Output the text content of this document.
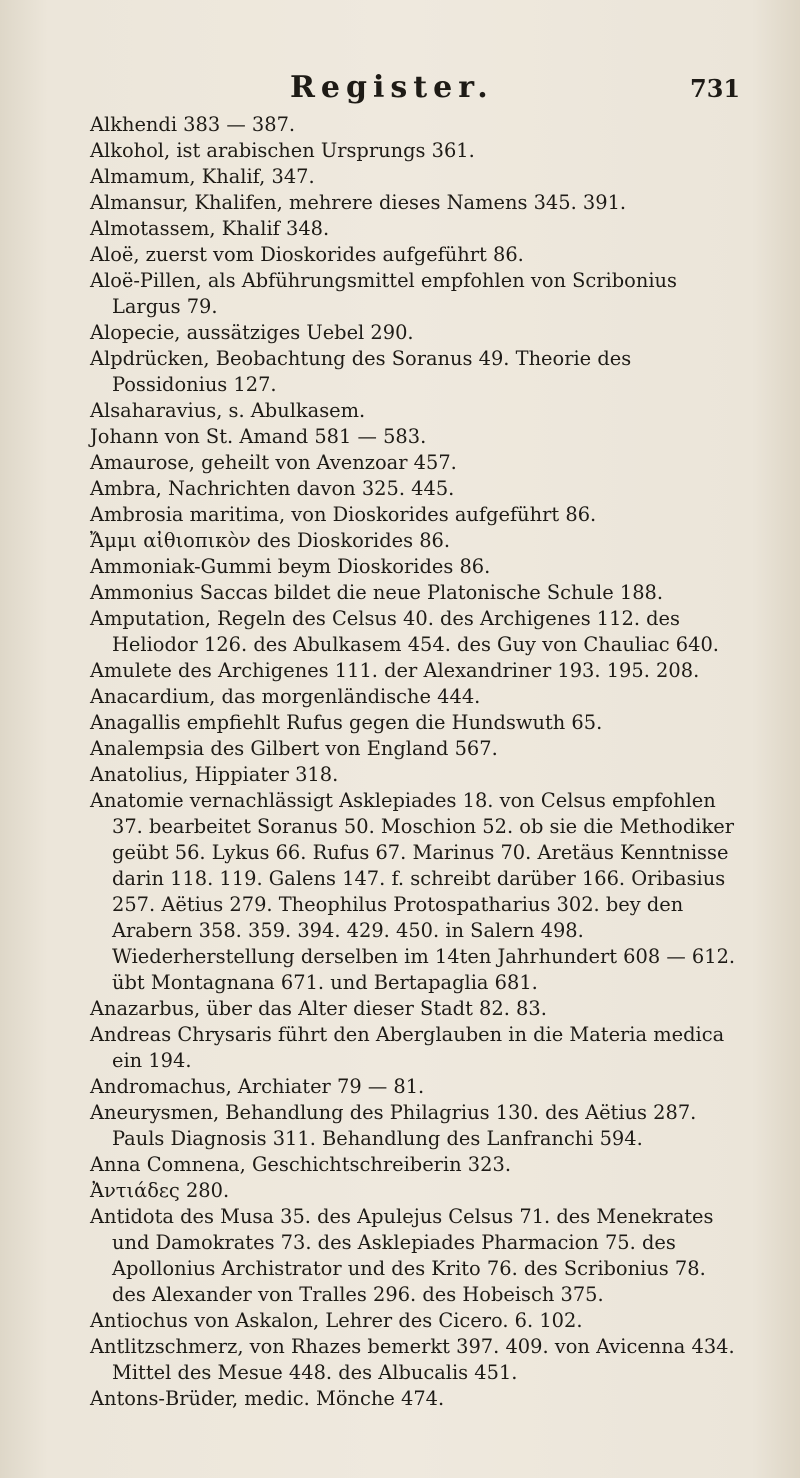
Register.	731
Alkhendi 383 — 387.
Alkohol, ist arabischen Ursprungs 361.
Almamum, Khalif, 347.
Almansur, Khalifen, mehrere dieses Namens 345. 391.
Almotassem, Khalif 348.
Aloë, zuerst vom Dioskorides aufgeführt 86.
Aloë-Pillen, als Abführungsmittel empfohlen von Scribonius Largus 79.
Alopecie, aussätziges Uebel 290.
Alpdrücken, Beobachtung des Soranus 49. Theorie des Possidonius 127.
Alsaharavius, s. Abulkasem.
Johann von St. Amand 581 — 583.
Amaurose, geheilt von Avenzoar 457.
Ambra, Nachrichten davon 325. 445.
Ambrosia maritima, von Dioskorides aufgeführt 86.
Ἄμμι αἰθιοπικὸν des Dioskorides 86.
Ammoniak-Gummi beym Dioskorides 86.
Ammonius Saccas bildet die neue Platonische Schule 188.
Amputation, Regeln des Celsus 40. des Archigenes 112. des Heliodor 126. des Abulkasem 454. des Guy von Chauliac 640.
Amulete des Archigenes 111. der Alexandriner 193. 195. 208.
Anacardium, das morgenländische 444.
Anagallis empfiehlt Rufus gegen die Hundswuth 65.
Analempsia des Gilbert von England 567.
Anatolius, Hippiater 318.
Anatomie vernachlässigt Asklepiades 18. von Celsus empfohlen 37. bearbeitet Soranus 50. Moschion 52. ob sie die Methodiker geübt 56. Lykus 66. Rufus 67. Marinus 70. Aretäus Kenntnisse darin 118. 119. Galens 147. f. schreibt darüber 166. Oribasius 257. Aëtius 279. Theophilus Protospatharius 302. bey den Arabern 358. 359. 394. 429. 450. in Salern 498. Wiederherstellung derselben im 14ten Jahrhundert 608 — 612. übt Montagnana 671. und Bertapaglia 681.
Anazarbus, über das Alter dieser Stadt 82. 83.
Andreas Chrysaris führt den Aberglauben in die Materia medica ein 194.
Andromachus, Archiater 79 — 81.
Aneurysmen, Behandlung des Philagrius 130. des Aëtius 287. Pauls Diagnosis 311. Behandlung des Lanfranchi 594.
Anna Comnena, Geschichtschreiberin 323.
Ἀντιάδες 280.
Antidota des Musa 35. des Apulejus Celsus 71. des Menekrates und Damokrates 73. des Asklepiades Pharmacion 75. des Apollonius Archistrator und des Krito 76. des Scribonius 78. des Alexander von Tralles 296. des Hobeisch 375.
Antiochus von Askalon, Lehrer des Cicero. 6. 102.
Antlitzschmerz, von Rhazes bemerkt 397. 409. von Avicenna 434. Mittel des Mesue 448. des Albucalis 451.
Antons-Brüder, medic. Mönche 474.
